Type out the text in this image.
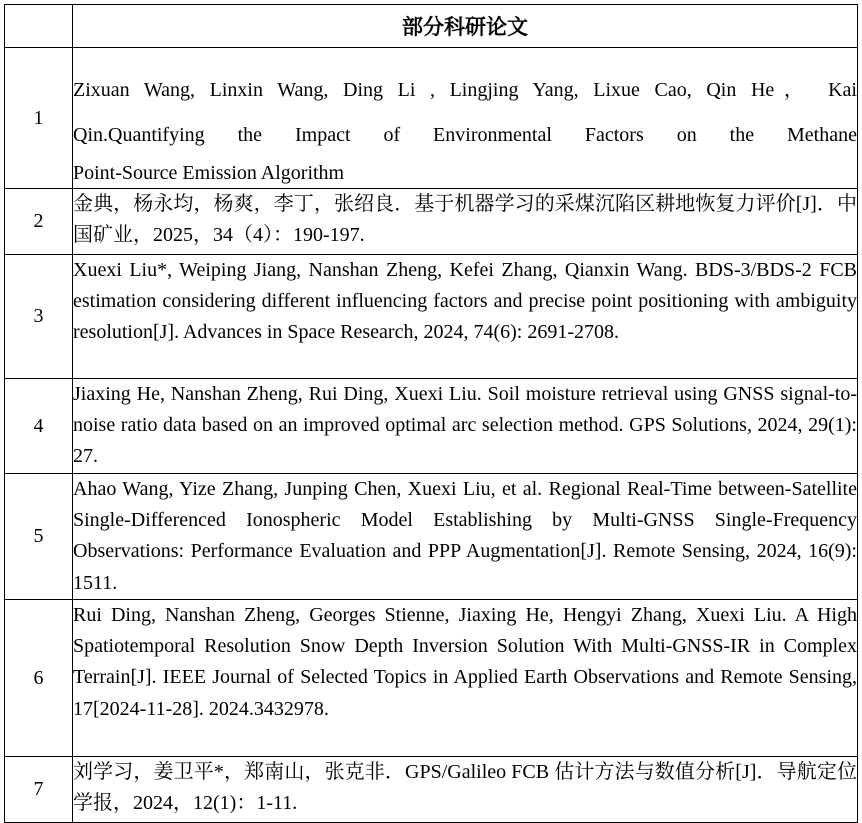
	部分科研论文
1	Zixuan Wang, Linxin Wang, Ding Li , Lingjing Yang, Lixue Cao, Qin He， Kai
Qin.Quantifying the Impact of Environmental Factors on the Methane
Point-Source Emission Algorithm

2	金典，杨永均，杨爽，李丁，张绍良．基于机器学习的采煤沉陷区耕地恢复力评价[J]．中国矿业，2025，34（4）：190-197.
3	Xuexi Liu*, Weiping Jiang, Nanshan Zheng, Kefei Zhang, Qianxin Wang. BDS-3/BDS-2 FCB estimation considering different influencing factors and precise point positioning with ambiguity resolution[J]. Advances in Space Research, 2024, 74(6): 2691-2708.
4	Jiaxing He, Nanshan Zheng, Rui Ding, Xuexi Liu. Soil moisture retrieval using GNSS signal-to-noise ratio data based on an improved optimal arc selection method. GPS Solutions, 2024, 29(1): 27.
5	Ahao Wang, Yize Zhang, Junping Chen, Xuexi Liu, et al. Regional Real-Time between-Satellite Single-Differenced Ionospheric Model Establishing by Multi-GNSS Single-Frequency Observations: Performance Evaluation and PPP Augmentation[J]. Remote Sensing, 2024, 16(9): 1511.
6	Rui Ding, Nanshan Zheng, Georges Stienne, Jiaxing He, Hengyi Zhang, Xuexi Liu. A High Spatiotemporal Resolution Snow Depth Inversion Solution With Multi-GNSS-IR in Complex Terrain[J]. IEEE Journal of Selected Topics in Applied Earth Observations and Remote Sensing, 17[2024-11-28]. 2024.3432978.
7	刘学习，姜卫平*，郑南山，张克非．GPS/Galileo FCB 估计方法与数值分析[J]．导航定位学报，2024，12(1)：1-11.
